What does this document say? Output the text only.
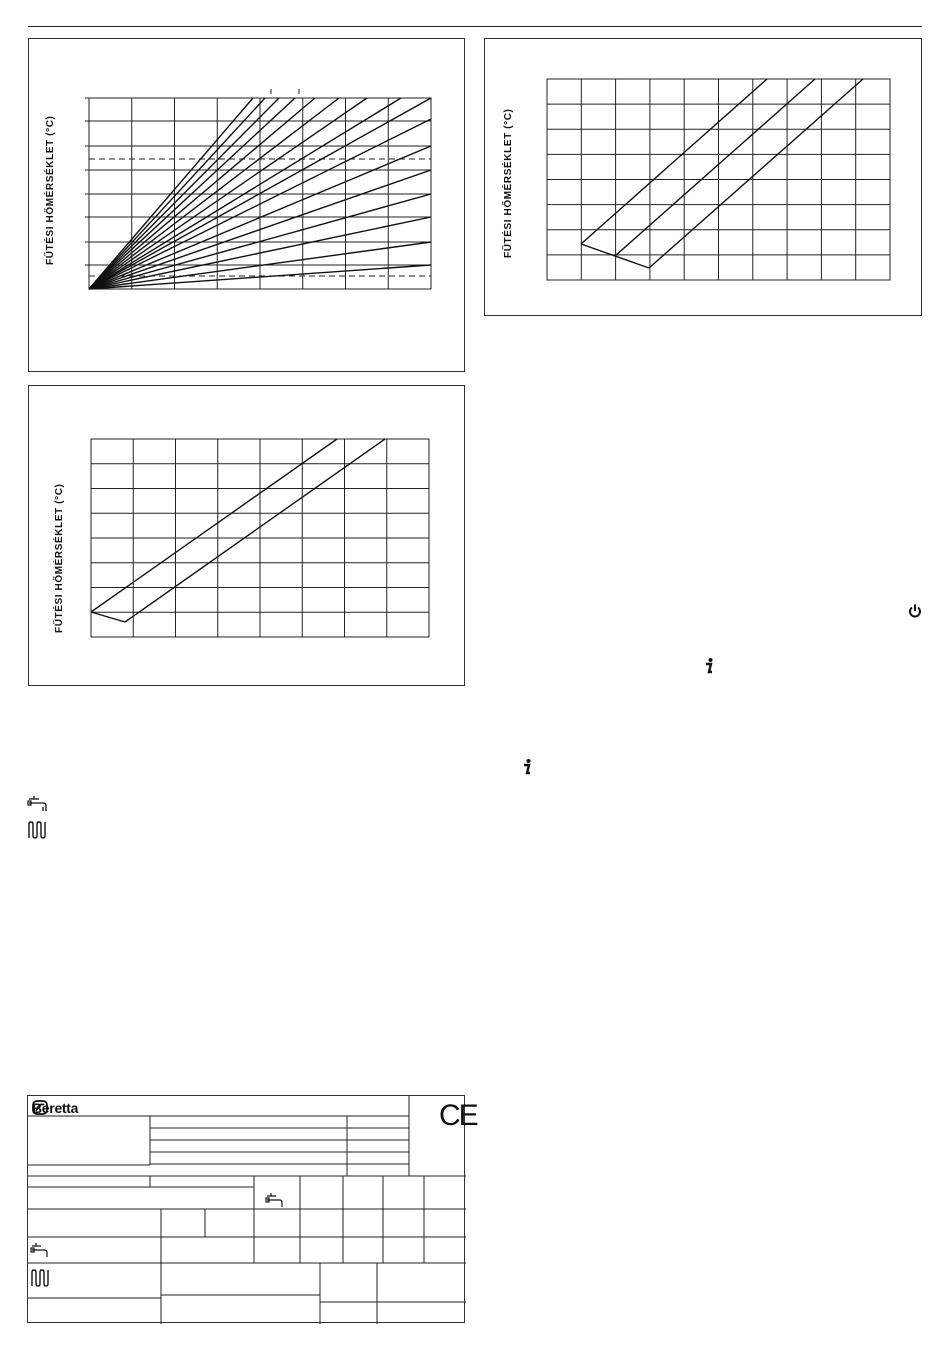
FŰTÉSI HŐMÉRSÉKLET (°C)
FŰTÉSI HŐMÉRSÉKLET (°C)
FŰTÉSI HŐMÉRSÉKLET (°C)
Beretta	CE
